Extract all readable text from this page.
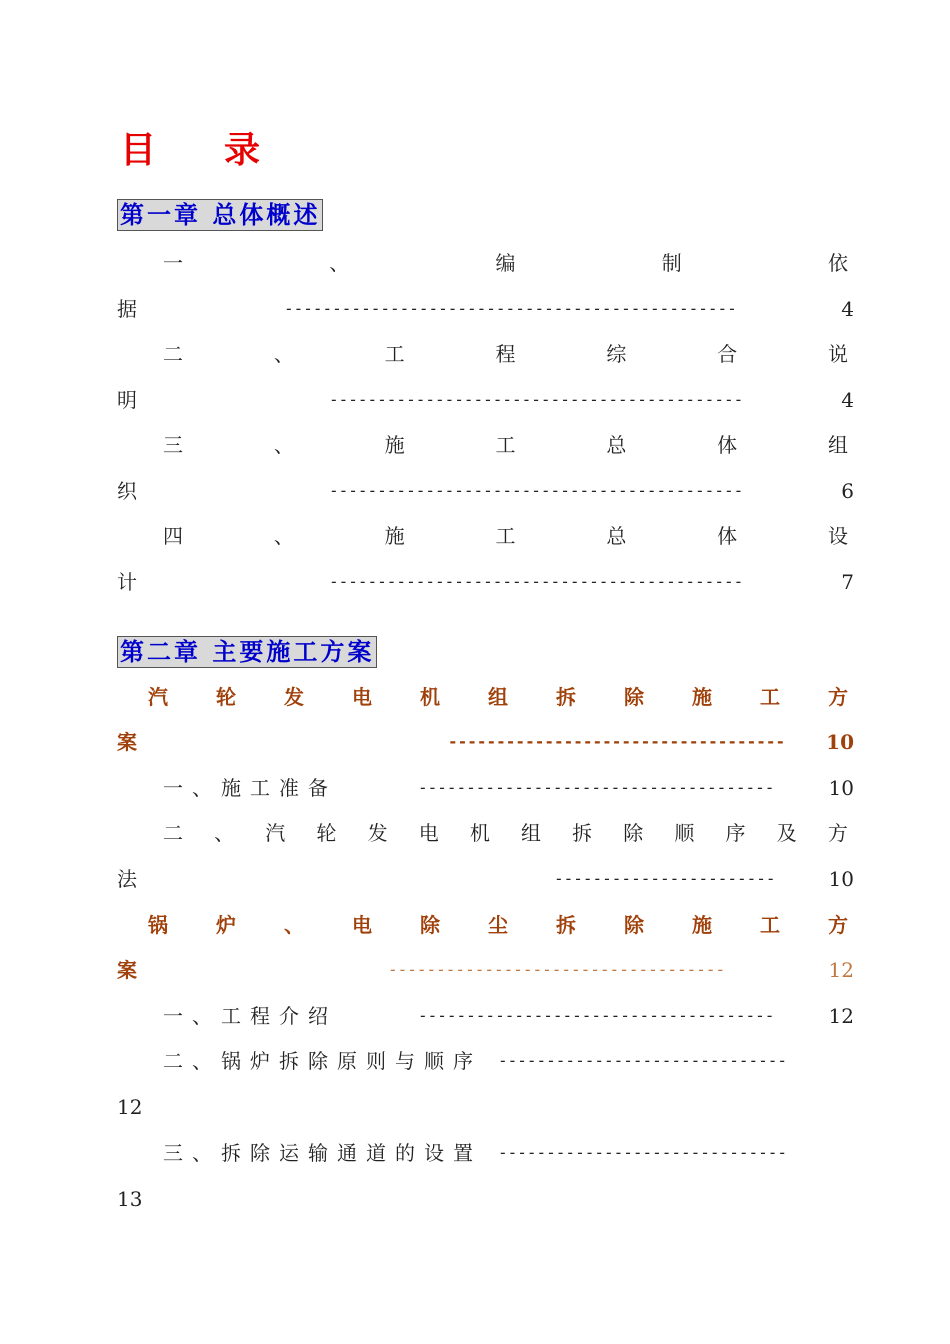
目 录
第一章 总体概述
一	、	编	制	依
据	-----------------------------------------------	4
二	、	工	程	综	合	说
明	-------------------------------------------	4
三	、	施	工	总	体	组
织	-------------------------------------------	6
四	、	施	工	总	体	设
计	-------------------------------------------	7
第二章 主要施工方案
汽 轮 发 电 机 组 拆 除 施 工 方
案	-----------------------------------	10
一、施工准备	-------------------------------------	10
二 、 汽 轮 发 电 机 组 拆 除 顺 序 及 方
法	-----------------------	10
锅 炉 、 电 除 尘 拆 除 施 工 方
案	-----------------------------------	12
一、工程介绍	-------------------------------------	12
二、锅炉拆除原则与顺序	------------------------------
12
三、拆除运输通道的设置	------------------------------
13
